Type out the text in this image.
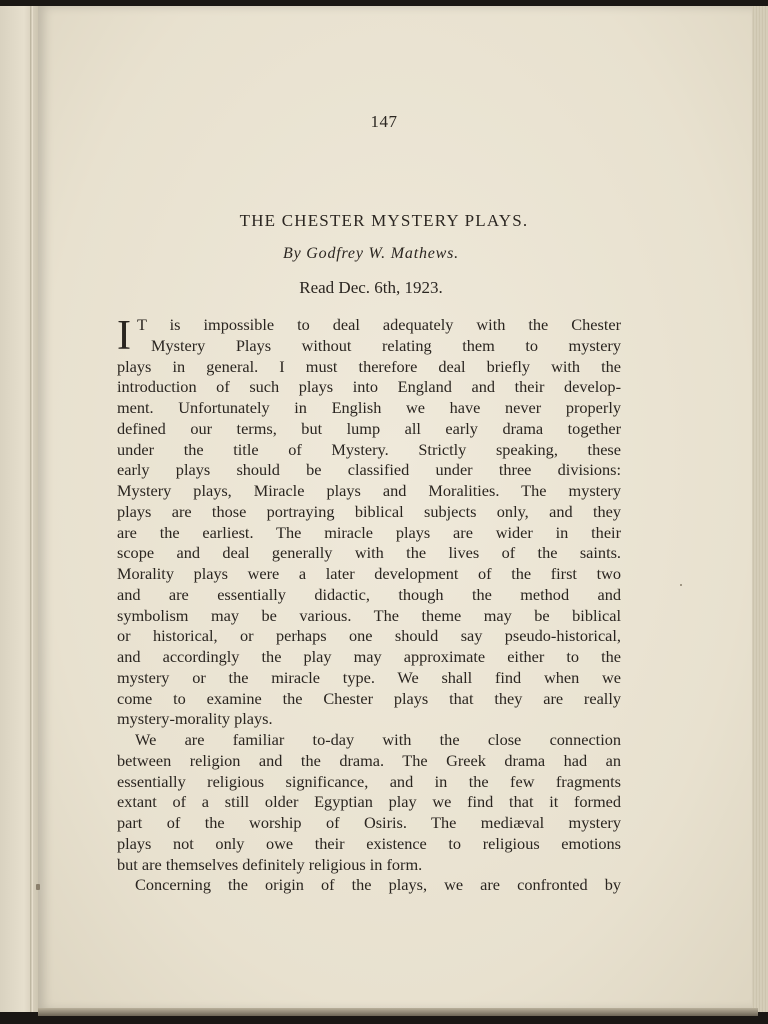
147
THE CHESTER MYSTERY PLAYS.
By Godfrey W. Mathews.
Read Dec. 6th, 1923.
I T is impossible to deal adequately with the Chester
Mystery Plays without relating them to mystery
plays in general. I must therefore deal briefly with the
introduction of such plays into England and their develop-
ment. Unfortunately in English we have never properly
defined our terms, but lump all early drama together
under the title of Mystery. Strictly speaking, these
early plays should be classified under three divisions:
Mystery plays, Miracle plays and Moralities. The mystery
plays are those portraying biblical subjects only, and they
are the earliest. The miracle plays are wider in their
scope and deal generally with the lives of the saints.
Morality plays were a later development of the first two
and are essentially didactic, though the method and
symbolism may be various. The theme may be biblical
or historical, or perhaps one should say pseudo-historical,
and accordingly the play may approximate either to the
mystery or the miracle type. We shall find when we
come to examine the Chester plays that they are really
mystery-morality plays.
We are familiar to-day with the close connection
between religion and the drama. The Greek drama had an
essentially religious significance, and in the few fragments
extant of a still older Egyptian play we find that it formed
part of the worship of Osiris. The mediæval mystery
plays not only owe their existence to religious emotions
but are themselves definitely religious in form.
Concerning the origin of the plays, we are confronted by
